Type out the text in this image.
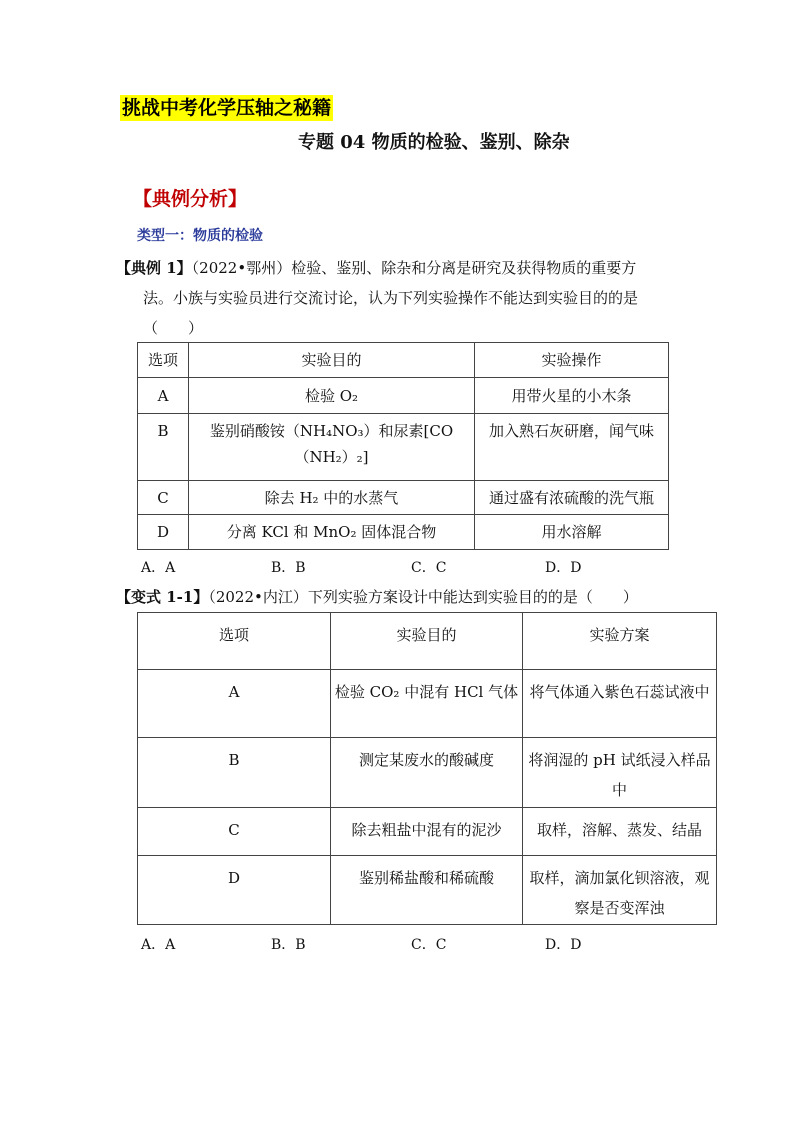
挑战中考化学压轴之秘籍
专题 04 物质的检验、鉴别、除杂
【典例分析】
类型一：物质的检验
【典例 1】（2022•鄂州）检验、鉴别、除杂和分离是研究及获得物质的重要方
法。小族与实验员进行交流讨论，认为下列实验操作不能达到实验目的的是
（　　）
选项	实验目的	实验操作
A	检验 O₂	用带火星的小木条
B	鉴别硝酸铵（NH₄NO₃）和尿素[CO（NH₂）₂]	加入熟石灰研磨，闻气味
C	除去 H₂ 中的水蒸气	通过盛有浓硫酸的洗气瓶
D	分离 KCl 和 MnO₂ 固体混合物	用水溶解
A．A	B．B	C．C	D．D
【变式 1-1】（2022•内江）下列实验方案设计中能达到实验目的的是（　　）
选项	实验目的	实验方案
A	检验 CO₂ 中混有 HCl 气体	将气体通入紫色石蕊试液中
B	测定某废水的酸碱度	将润湿的 pH 试纸浸入样品中
C	除去粗盐中混有的泥沙	取样，溶解、蒸发、结晶
D	鉴别稀盐酸和稀硫酸	取样，滴加氯化钡溶液，观察是否变浑浊
A．A	B．B	C．C	D．D
